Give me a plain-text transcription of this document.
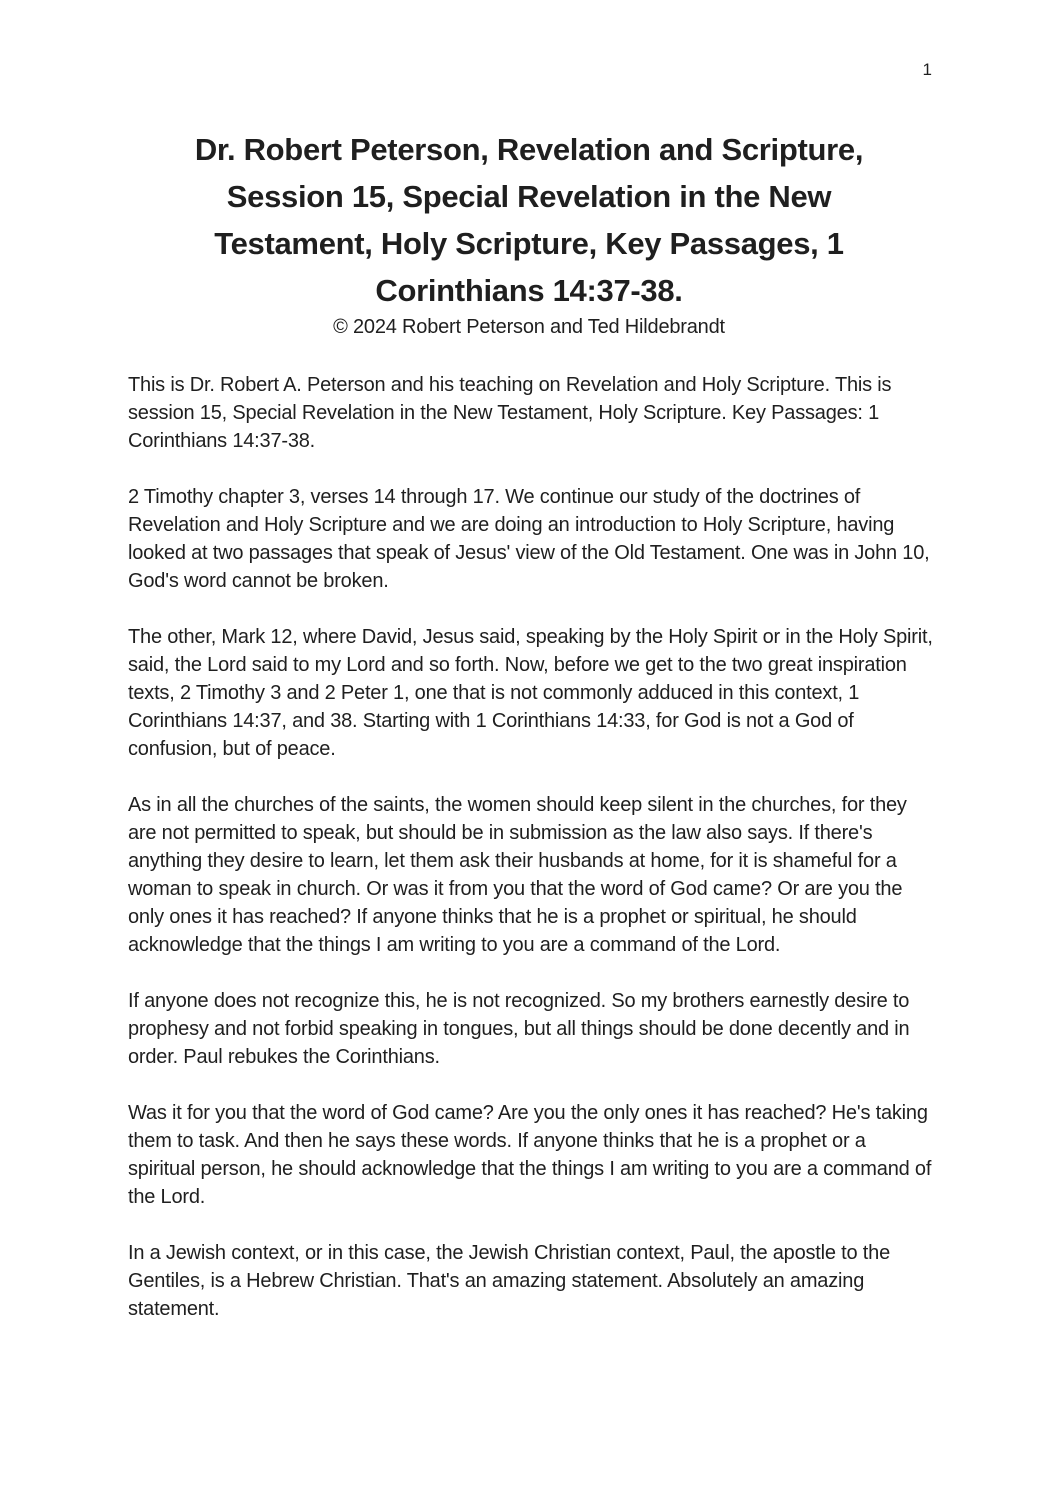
1
Dr. Robert Peterson, Revelation and Scripture,
Session 15, Special Revelation in the New
Testament, Holy Scripture, Key Passages, 1
Corinthians 14:37-38.
© 2024 Robert Peterson and Ted Hildebrandt

This is Dr. Robert A. Peterson and his teaching on Revelation and Holy Scripture. This is session 15, Special Revelation in the New Testament, Holy Scripture. Key Passages: 1 Corinthians 14:37-38.

2 Timothy chapter 3, verses 14 through 17. We continue our study of the doctrines of Revelation and Holy Scripture and we are doing an introduction to Holy Scripture, having looked at two passages that speak of Jesus' view of the Old Testament. One was in John 10, God's word cannot be broken.

The other, Mark 12, where David, Jesus said, speaking by the Holy Spirit or in the Holy Spirit, said, the Lord said to my Lord and so forth. Now, before we get to the two great inspiration texts, 2 Timothy 3 and 2 Peter 1, one that is not commonly adduced in this context, 1 Corinthians 14:37, and 38. Starting with 1 Corinthians 14:33, for God is not a God of confusion, but of peace.

As in all the churches of the saints, the women should keep silent in the churches, for they are not permitted to speak, but should be in submission as the law also says. If there's anything they desire to learn, let them ask their husbands at home, for it is shameful for a woman to speak in church. Or was it from you that the word of God came? Or are you the only ones it has reached? If anyone thinks that he is a prophet or spiritual, he should acknowledge that the things I am writing to you are a command of the Lord.

If anyone does not recognize this, he is not recognized. So my brothers earnestly desire to prophesy and not forbid speaking in tongues, but all things should be done decently and in order. Paul rebukes the Corinthians.

Was it for you that the word of God came? Are you the only ones it has reached? He's taking them to task. And then he says these words. If anyone thinks that he is a prophet or a spiritual person, he should acknowledge that the things I am writing to you are a command of the Lord.

In a Jewish context, or in this case, the Jewish Christian context, Paul, the apostle to the Gentiles, is a Hebrew Christian. That's an amazing statement. Absolutely an amazing statement.
